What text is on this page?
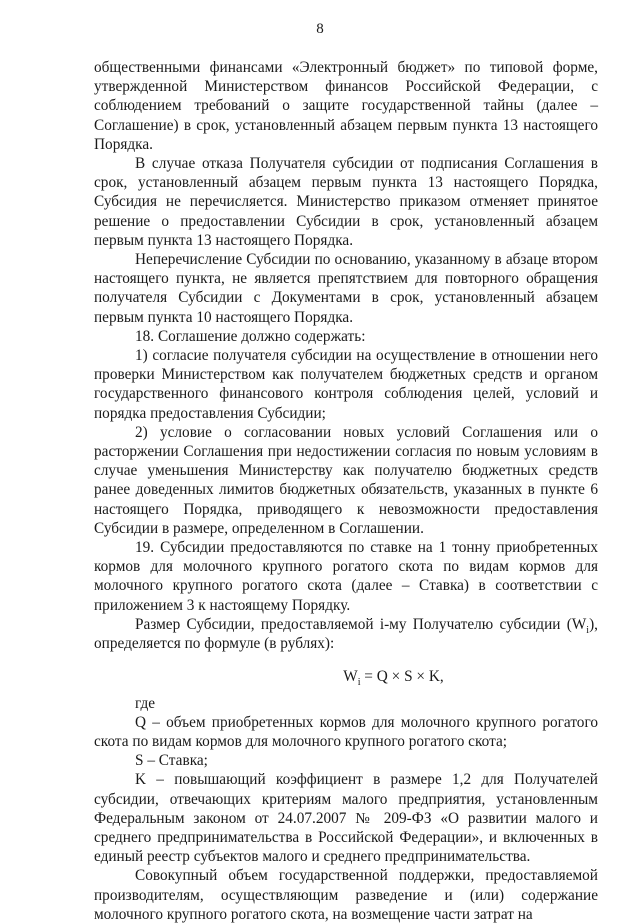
8

общественными финансами «Электронный бюджет» по типовой форме, утвержденной Министерством финансов Российской Федерации, с соблюдением требований о защите государственной тайны (далее – Соглашение) в срок, установленный абзацем первым пункта 13 настоящего Порядка.

В случае отказа Получателя субсидии от подписания Соглашения в срок, установленный абзацем первым пункта 13 настоящего Порядка, Субсидия не перечисляется. Министерство приказом отменяет принятое решение о предоставлении Субсидии в срок, установленный абзацем первым пункта 13 настоящего Порядка.

Неперечисление Субсидии по основанию, указанному в абзаце втором настоящего пункта, не является препятствием для повторного обращения получателя Субсидии с Документами в срок, установленный абзацем первым пункта 10 настоящего Порядка.

18. Соглашение должно содержать:

1) согласие получателя субсидии на осуществление в отношении него проверки Министерством как получателем бюджетных средств и органом государственного финансового контроля соблюдения целей, условий и порядка предоставления Субсидии;

2) условие о согласовании новых условий Соглашения или о расторжении Соглашения при недостижении согласия по новым условиям в случае уменьшения Министерству как получателю бюджетных средств ранее доведенных лимитов бюджетных обязательств, указанных в пункте 6 настоящего Порядка, приводящего к невозможности предоставления Субсидии в размере, определенном в Соглашении.

19. Субсидии предоставляются по ставке на 1 тонну приобретенных кормов для молочного крупного рогатого скота по видам кормов для молочного крупного рогатого скота (далее – Ставка) в соответствии с приложением 3 к настоящему Порядку.

Размер Субсидии, предоставляемой i-му Получателю субсидии $(W_i)$, определяется по формуле (в рублях):

$W_i = Q \times S \times K$,

где

Q – объем приобретенных кормов для молочного крупного рогатого скота по видам кормов для молочного крупного рогатого скота;

S – Ставка;

K – повышающий коэффициент в размере 1,2 для Получателей субсидии, отвечающих критериям малого предприятия, установленным Федеральным законом от 24.07.2007 № 209-ФЗ «О развитии малого и среднего предпринимательства в Российской Федерации», и включенных в единый реестр субъектов малого и среднего предпринимательства.

Совокупный объем государственной поддержки, предоставляемой производителям, осуществляющим разведение и (или) содержание молочного крупного рогатого скота, на возмещение части затрат на
